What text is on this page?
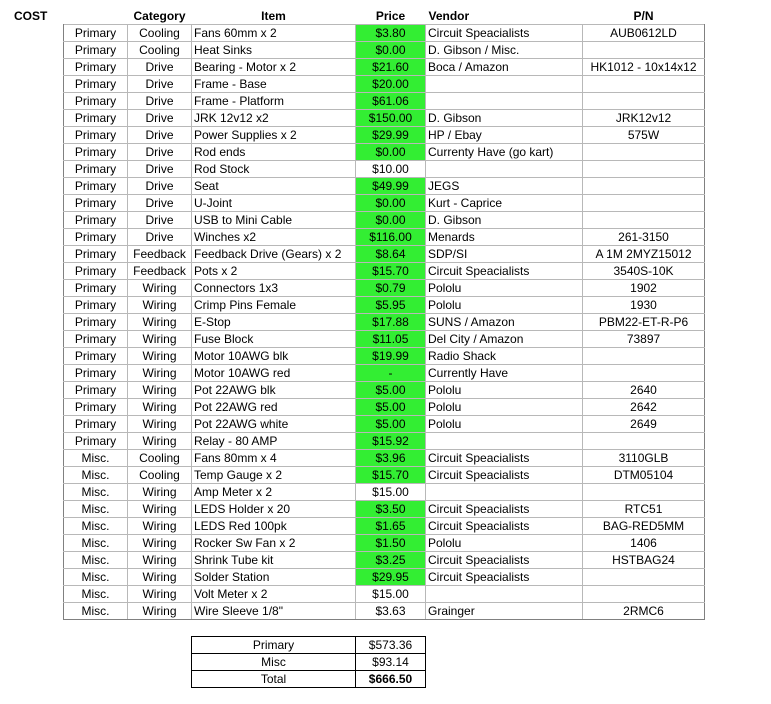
COST
		Category	Item	Price	Vendor	P/N
Primary	Cooling	Fans 60mm x 2	$3.80	Circuit Speacialists	AUB0612LD
Primary	Cooling	Heat Sinks	$0.00	D. Gibson / Misc.	
Primary	Drive	Bearing - Motor x 2	$21.60	Boca / Amazon	HK1012 - 10x14x12
Primary	Drive	Frame - Base	$20.00		
Primary	Drive	Frame - Platform	$61.06		
Primary	Drive	JRK 12v12 x2	$150.00	D. Gibson	JRK12v12
Primary	Drive	Power Supplies x 2	$29.99	HP / Ebay	575W
Primary	Drive	Rod ends	$0.00	Currenty Have (go kart)	
Primary	Drive	Rod Stock	$10.00		
Primary	Drive	Seat	$49.99	JEGS	
Primary	Drive	U-Joint	$0.00	Kurt - Caprice	
Primary	Drive	USB to Mini Cable	$0.00	D. Gibson	
Primary	Drive	Winches x2	$116.00	Menards	261-3150
Primary	Feedback	Feedback Drive (Gears) x 2	$8.64	SDP/SI	A 1M 2MYZ15012
Primary	Feedback	Pots x 2	$15.70	Circuit Speacialists	3540S-10K
Primary	Wiring	Connectors 1x3	$0.79	Pololu	1902
Primary	Wiring	Crimp Pins Female	$5.95	Pololu	1930
Primary	Wiring	E-Stop	$17.88	SUNS / Amazon	PBM22-ET-R-P6
Primary	Wiring	Fuse Block	$11.05	Del City / Amazon	73897
Primary	Wiring	Motor 10AWG blk	$19.99	Radio Shack	
Primary	Wiring	Motor 10AWG red	-	Currently Have	
Primary	Wiring	Pot 22AWG blk	$5.00	Pololu	2640
Primary	Wiring	Pot 22AWG red	$5.00	Pololu	2642
Primary	Wiring	Pot 22AWG white	$5.00	Pololu	2649
Primary	Wiring	Relay - 80 AMP	$15.92		
Misc.	Cooling	Fans 80mm x 4	$3.96	Circuit Speacialists	3110GLB
Misc.	Cooling	Temp Gauge x 2	$15.70	Circuit Speacialists	DTM05104
Misc.	Wiring	Amp Meter x 2	$15.00		
Misc.	Wiring	LEDS Holder x 20	$3.50	Circuit Speacialists	RTC51
Misc.	Wiring	LEDS Red 100pk	$1.65	Circuit Speacialists	BAG-RED5MM
Misc.	Wiring	Rocker Sw Fan x 2	$1.50	Pololu	1406
Misc.	Wiring	Shrink Tube kit	$3.25	Circuit Speacialists	HSTBAG24
Misc.	Wiring	Solder Station	$29.95	Circuit Speacialists	
Misc.	Wiring	Volt Meter x 2	$15.00		
Misc.	Wiring	Wire Sleeve 1/8"	$3.63	Grainger	2RMC6
Primary	$573.36
Misc	$93.14
Total	$666.50
